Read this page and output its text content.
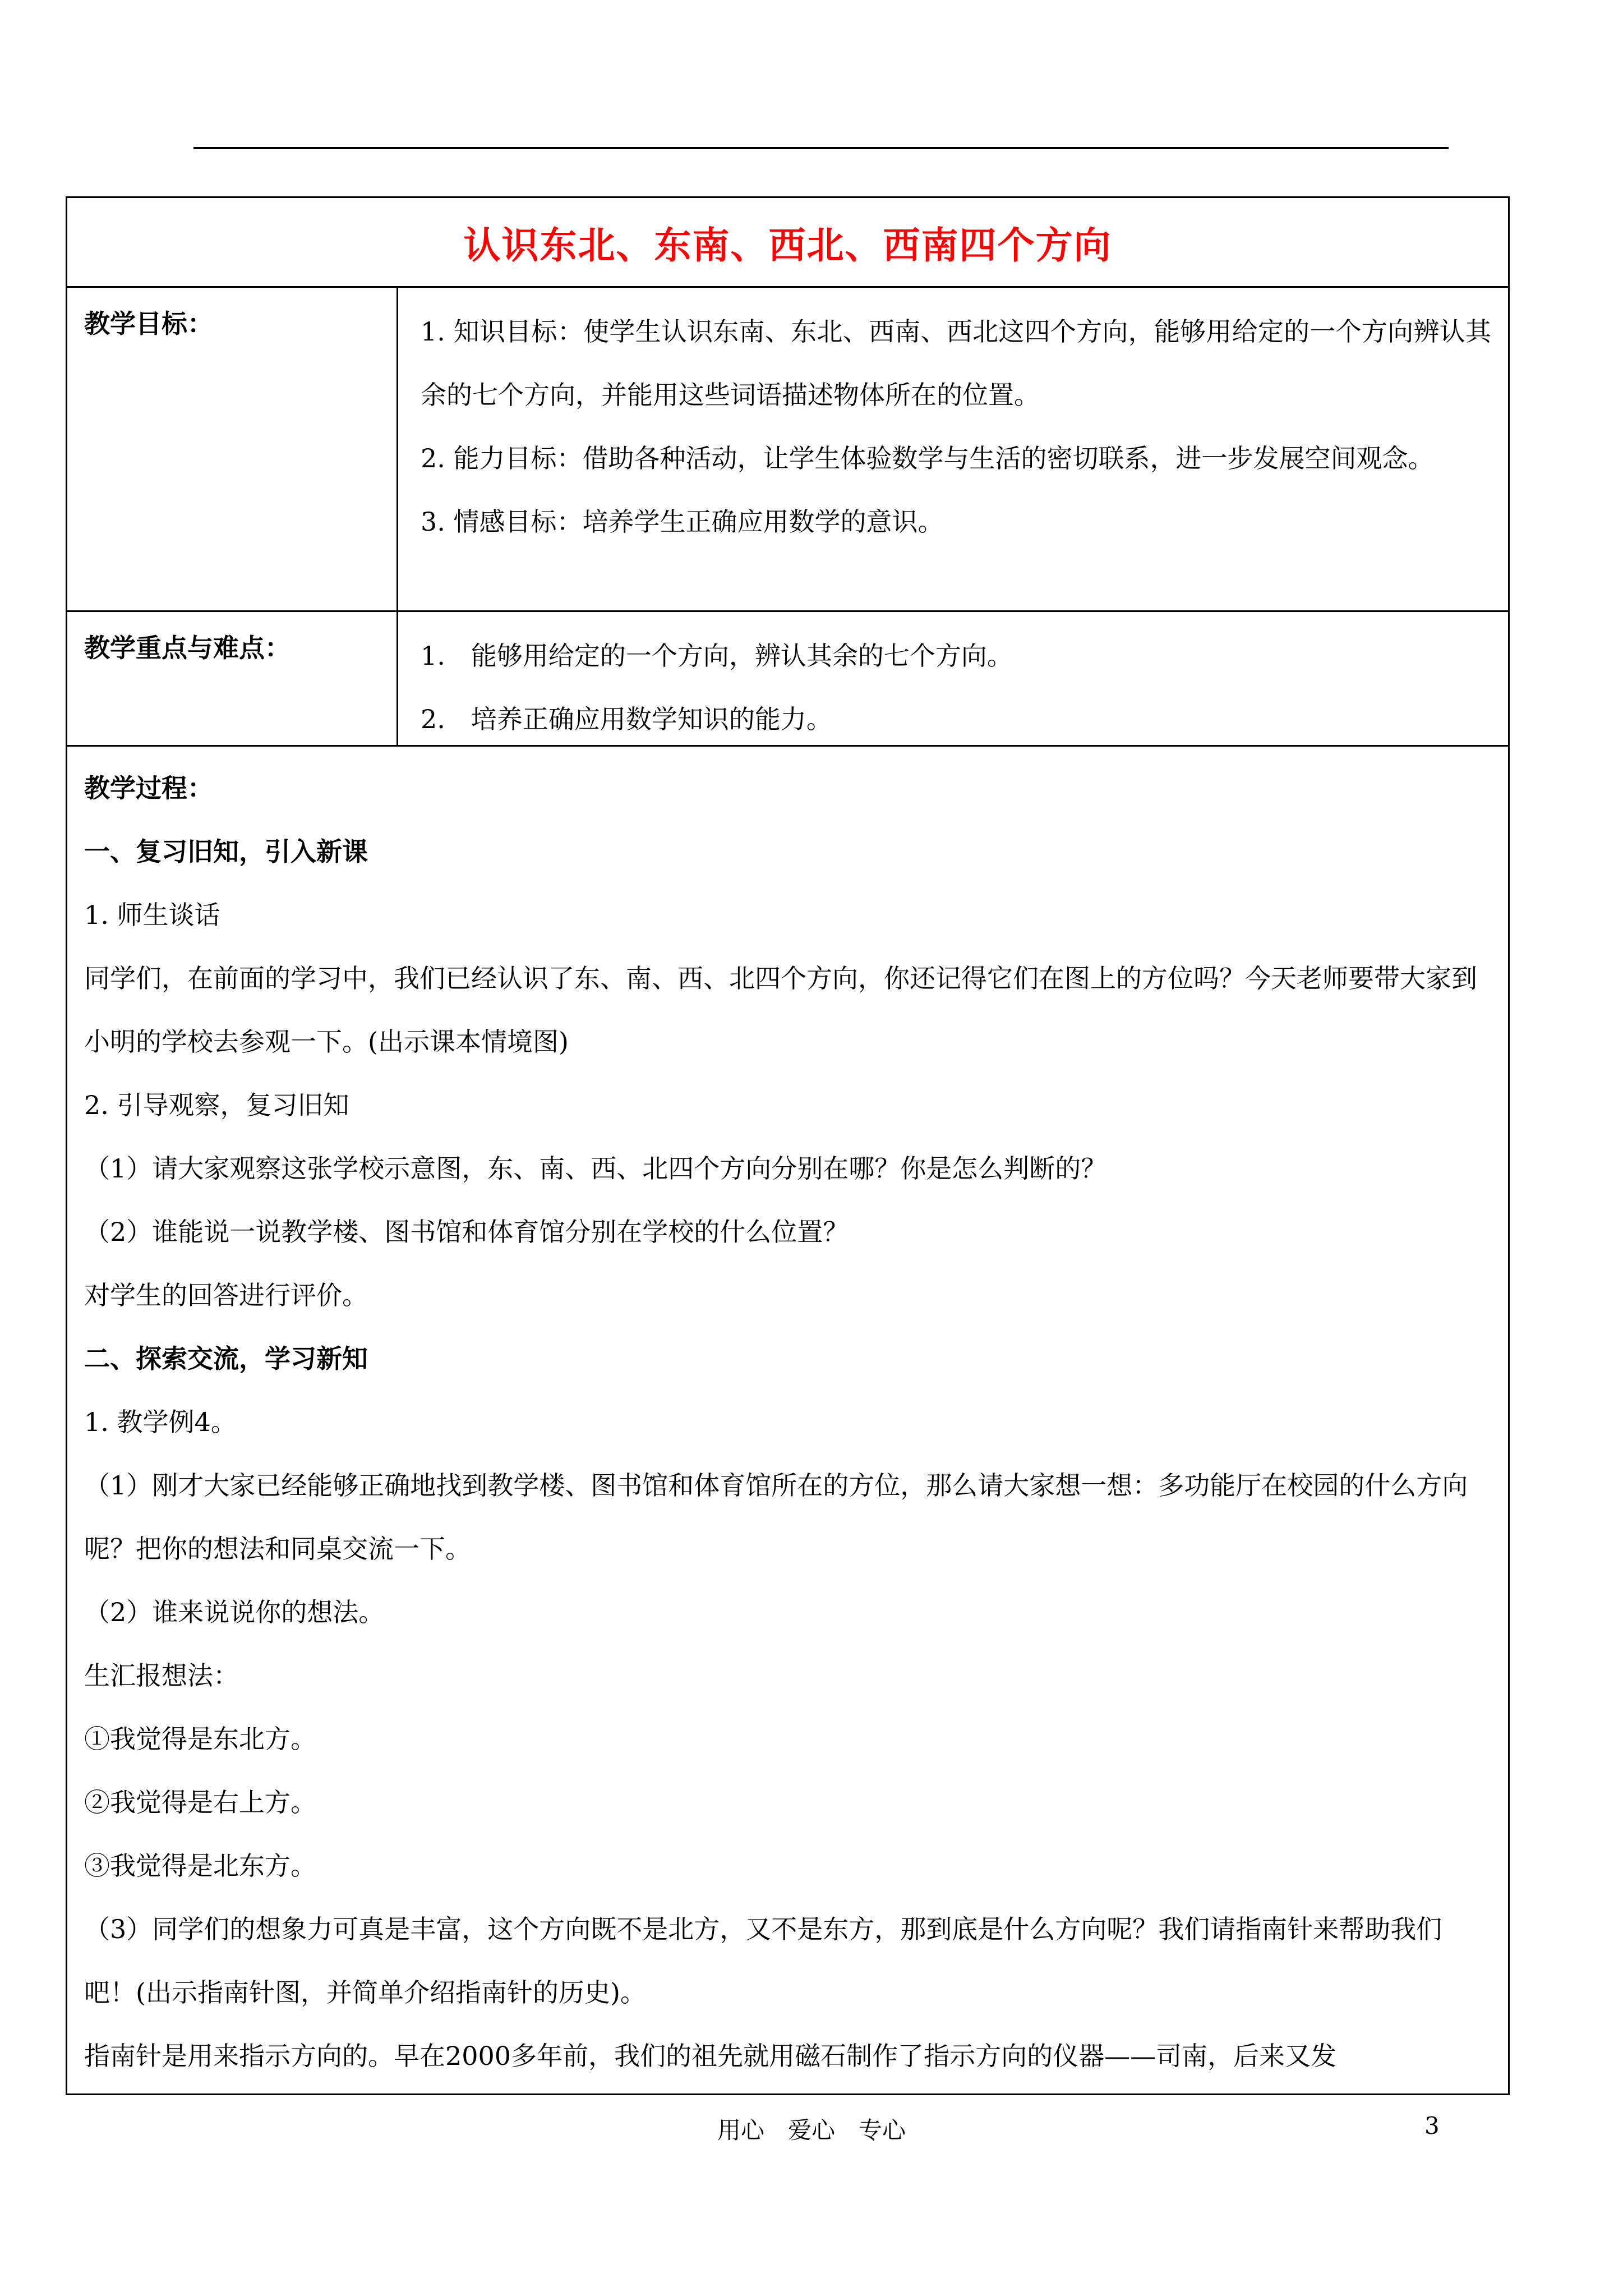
认识东北、东南、西北、西南四个方向
教学目标：	1. 知识目标：使学生认识东南、东北、西南、西北这四个方向，能够用给定的一个方向辨认其余的七个方向，并能用这些词语描述物体所在的位置。

2. 能力目标：借助各种活动，让学生体验数学与生活的密切联系，进一步发展空间观念。

3. 情感目标：培养学生正确应用数学的意识。

教学重点与难点：	1.　能够用给定的一个方向，辨认其余的七个方向。

2.　培养正确应用数学知识的能力。

教学过程：

一、复习旧知，引入新课

1. 师生谈话

同学们，在前面的学习中，我们已经认识了东、南、西、北四个方向，你还记得它们在图上的方位吗？今天老师要带大家到小明的学校去参观一下。(出示课本情境图)

2. 引导观察，复习旧知

（1）请大家观察这张学校示意图，东、南、西、北四个方向分别在哪？你是怎么判断的？

（2）谁能说一说教学楼、图书馆和体育馆分别在学校的什么位置？

对学生的回答进行评价。

二、探索交流，学习新知

1. 教学例4。

（1）刚才大家已经能够正确地找到教学楼、图书馆和体育馆所在的方位，那么请大家想一想：多功能厅在校园的什么方向呢？把你的想法和同桌交流一下。

（2）谁来说说你的想法。

生汇报想法：

①我觉得是东北方。

②我觉得是右上方。

③我觉得是北东方。

（3）同学们的想象力可真是丰富，这个方向既不是北方，又不是东方，那到底是什么方向呢？我们请指南针来帮助我们吧！(出示指南针图，并简单介绍指南针的历史)。

指南针是用来指示方向的。早在2000多年前，我们的祖先就用磁石制作了指示方向的仪器——司南，后来又发

用心　爱心　专心	3
